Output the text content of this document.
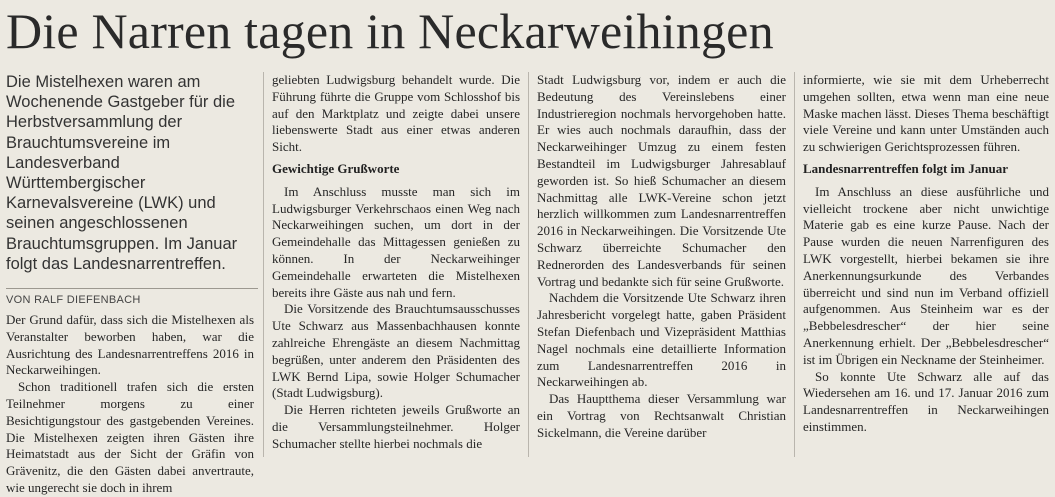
Die Narren tagen in Neckarweihingen

Die Mistelhexen waren am Wochenende Gastgeber für die Herbstversammlung der Brauchtumsvereine im Landesverband Württembergischer Karnevalsvereine (LWK) und seinen angeschlossenen Brauchtumsgruppen. Im Januar folgt das Landesnarrentreffen.

VON RALF DIEFENBACH

Der Grund dafür, dass sich die Mistelhexen als Veranstalter beworben haben, war die Ausrichtung des Landesnarrentreffens 2016 in Neckarweihingen.

Schon traditionell trafen sich die ersten Teilnehmer morgens zu einer Besichtigungstour des gastgebenden Vereines. Die Mistelhexen zeigten ihren Gästen ihre Heimatstadt aus der Sicht der Gräfin von Grävenitz, die den Gästen dabei anvertraute, wie ungerecht sie doch in ihrem

geliebten Ludwigsburg behandelt wurde. Die Führung führte die Gruppe vom Schlosshof bis auf den Marktplatz und zeigte dabei unsere liebenswerte Stadt aus einer etwas anderen Sicht.

Gewichtige Grußworte

Im Anschluss musste man sich im Ludwigsburger Verkehrschaos einen Weg nach Neckarweihingen suchen, um dort in der Gemeindehalle das Mittagessen genießen zu können. In der Neckarweihinger Gemeindehalle erwarteten die Mistelhexen bereits ihre Gäste aus nah und fern.

Die Vorsitzende des Brauchtumsausschusses Ute Schwarz aus Massenbachhausen konnte zahlreiche Ehrengäste an diesem Nachmittag begrüßen, unter anderem den Präsidenten des LWK Bernd Lipa, sowie Holger Schumacher (Stadt Ludwigsburg).

Die Herren richteten jeweils Grußworte an die Versammlungsteilnehmer. Holger Schumacher stellte hierbei nochmals die

Stadt Ludwigsburg vor, indem er auch die Bedeutung des Vereinslebens einer Industrieregion nochmals hervorgehoben hatte. Er wies auch nochmals daraufhin, dass der Neckarweihinger Umzug zu einem festen Bestandteil im Ludwigsburger Jahresablauf geworden ist. So hieß Schumacher an diesem Nachmittag alle LWK-Vereine schon jetzt herzlich willkommen zum Landesnarrentreffen 2016 in Neckarweihingen. Die Vorsitzende Ute Schwarz überreichte Schumacher den Rednerorden des Landesverbands für seinen Vortrag und bedankte sich für seine Grußworte.

Nachdem die Vorsitzende Ute Schwarz ihren Jahresbericht vorgelegt hatte, gaben Präsident Stefan Diefenbach und Vizepräsident Matthias Nagel nochmals eine detaillierte Information zum Landesnarrentreffen 2016 in Neckarweihingen ab.

Das Hauptthema dieser Versammlung war ein Vortrag von Rechtsanwalt Christian Sickelmann, die Vereine darüber

informierte, wie sie mit dem Urheberrecht umgehen sollten, etwa wenn man eine neue Maske machen lässt. Dieses Thema beschäftigt viele Vereine und kann unter Umständen auch zu schwierigen Gerichtsprozessen führen.

Landesnarrentreffen folgt im Januar

Im Anschluss an diese ausführliche und vielleicht trockene aber nicht unwichtige Materie gab es eine kurze Pause. Nach der Pause wurden die neuen Narrenfiguren des LWK vorgestellt, hierbei bekamen sie ihre Anerkennungsurkunde des Verbandes überreicht und sind nun im Verband offiziell aufgenommen. Aus Steinheim war es der „Bebbelesdrescher“ der hier seine Anerkennung erhielt. Der „Bebbelesdrescher“ ist im Übrigen ein Neckname der Steinheimer.

So konnte Ute Schwarz alle auf das Wiedersehen am 16. und 17. Januar 2016 zum Landesnarrentreffen in Neckarweihingen einstimmen.
